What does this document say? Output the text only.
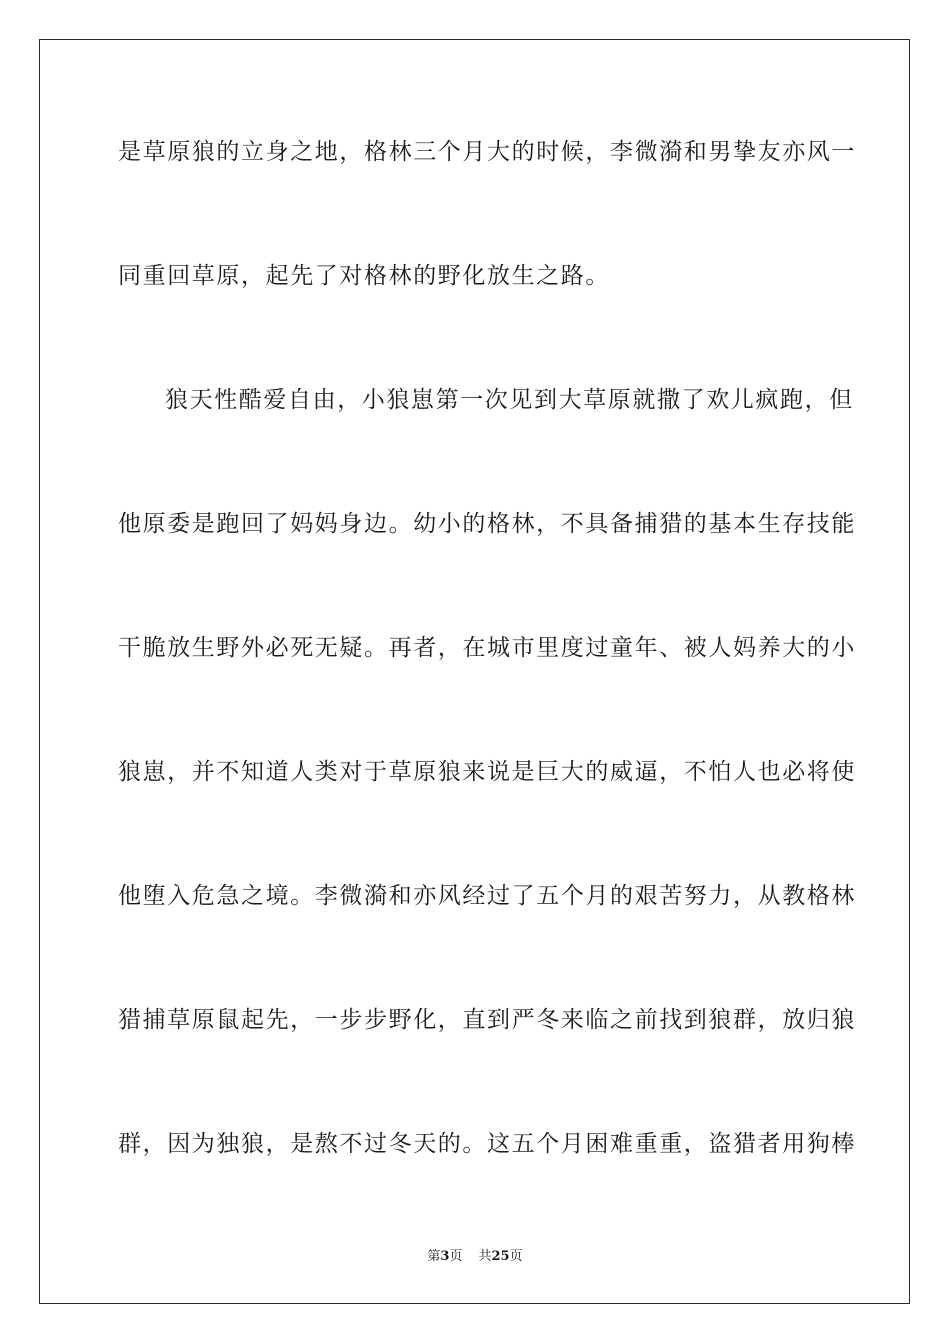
是草原狼的立身之地，格林三个月大的时候，李微漪和男挚友亦风一
同重回草原，起先了对格林的野化放生之路。
狼天性酷爱自由，小狼崽第一次见到大草原就撒了欢儿疯跑，但
他原委是跑回了妈妈身边。幼小的格林，不具备捕猎的基本生存技能
干脆放生野外必死无疑。再者，在城市里度过童年、被人妈养大的小
狼崽，并不知道人类对于草原狼来说是巨大的威逼，不怕人也必将使
他堕入危急之境。李微漪和亦风经过了五个月的艰苦努力，从教格林
猎捕草原鼠起先，一步步野化，直到严冬来临之前找到狼群，放归狼
群，因为独狼，是熬不过冬天的。这五个月困难重重，盗猎者用狗棒
第3页 共25页
